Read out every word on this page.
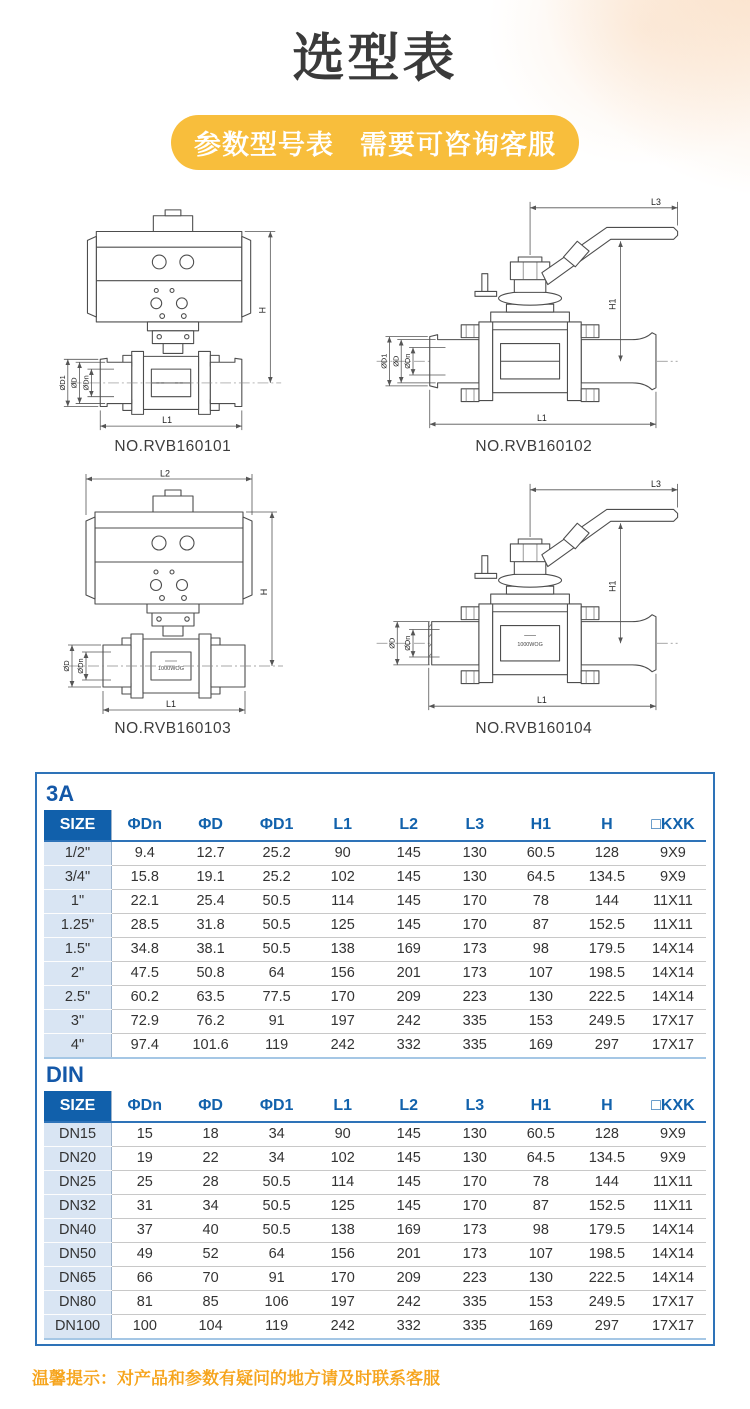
选型表
参数型号表 需要可咨询客服
H
ØD1 ØD ØDn
L1
NO.RVB160101
L3
H1
ØD1 ØD ØDn
L1
NO.RVB160102
L2
1000WOG
H
ØD ØDn
L1
NO.RVB160103
1000WOG
L3
H1
ØD ØDn
L1
NO.RVB160104
3A
SIZE	ΦDn	ΦD	ΦD1	L1	L2	L3	H1	H	□KXK
1/2"	9.4	12.7	25.2	90	145	130	60.5	128	9X9
3/4"	15.8	19.1	25.2	102	145	130	64.5	134.5	9X9
1"	22.1	25.4	50.5	114	145	170	78	144	11X11
1.25"	28.5	31.8	50.5	125	145	170	87	152.5	11X11
1.5"	34.8	38.1	50.5	138	169	173	98	179.5	14X14
2"	47.5	50.8	64	156	201	173	107	198.5	14X14
2.5"	60.2	63.5	77.5	170	209	223	130	222.5	14X14
3"	72.9	76.2	91	197	242	335	153	249.5	17X17
4"	97.4	101.6	119	242	332	335	169	297	17X17
DIN
SIZE	ΦDn	ΦD	ΦD1	L1	L2	L3	H1	H	□KXK
DN15	15	18	34	90	145	130	60.5	128	9X9
DN20	19	22	34	102	145	130	64.5	134.5	9X9
DN25	25	28	50.5	114	145	170	78	144	11X11
DN32	31	34	50.5	125	145	170	87	152.5	11X11
DN40	37	40	50.5	138	169	173	98	179.5	14X14
DN50	49	52	64	156	201	173	107	198.5	14X14
DN65	66	70	91	170	209	223	130	222.5	14X14
DN80	81	85	106	197	242	335	153	249.5	17X17
DN100	100	104	119	242	332	335	169	297	17X17
温馨提示：对产品和参数有疑问的地方请及时联系客服
